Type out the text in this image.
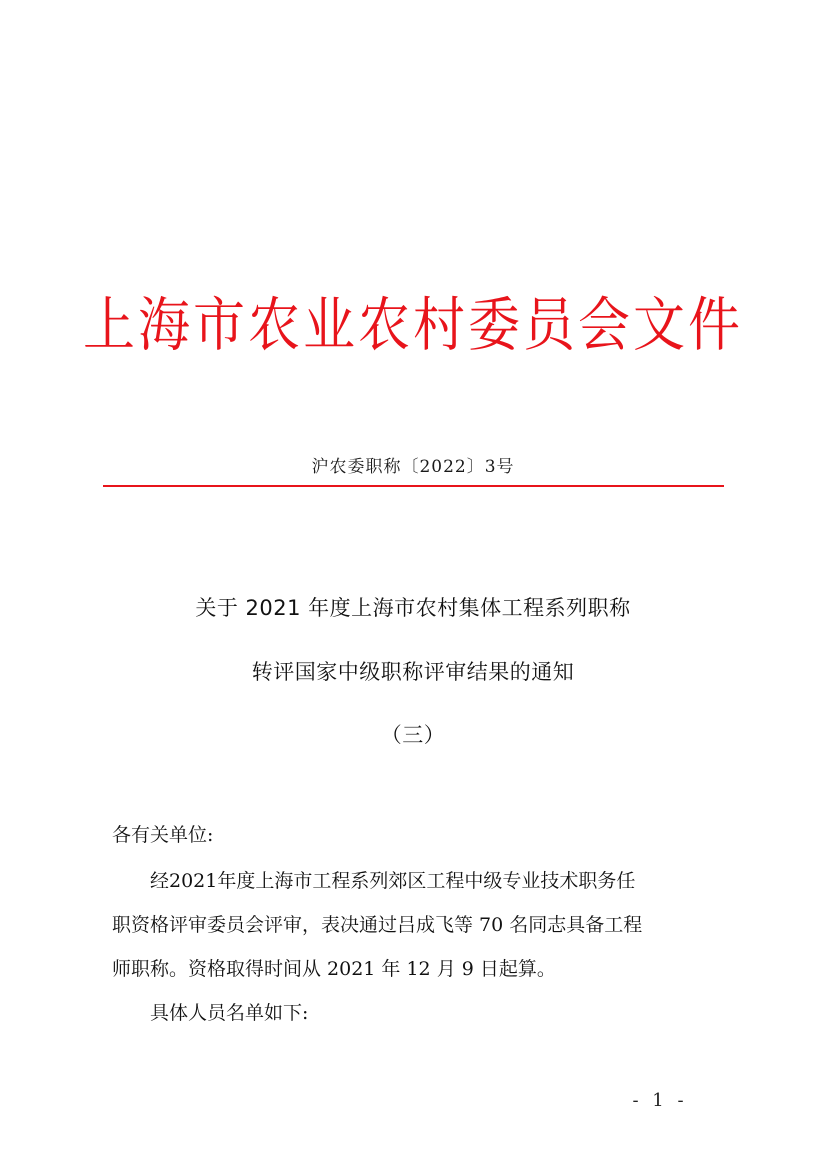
上海市农业农村委员会文件
沪农委职称〔2022〕3号
关于 2021 年度上海市农村集体工程系列职称
转评国家中级职称评审结果的通知
（三）
各有关单位:
经2021年度上海市工程系列郊区工程中级专业技术职务任
职资格评审委员会评审，表决通过吕成飞等 70 名同志具备工程
师职称。资格取得时间从 2021 年 12 月 9 日起算。
具体人员名单如下:
- 1 -
